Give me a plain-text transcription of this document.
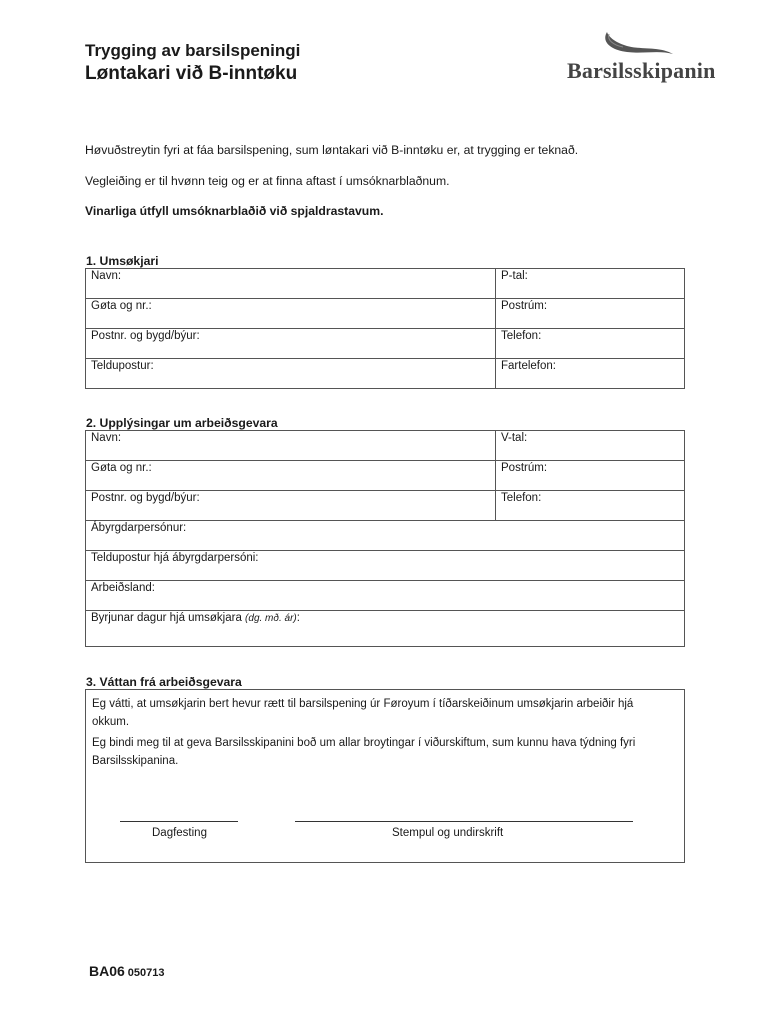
Trygging av barsilspeningi
Løntakari við B-inntøku	Barsilsskipanin
Høvuðstreytin fyri at fáa barsilspening, sum løntakari við B-inntøku er, at trygging er teknað.
Vegleiðing er til hvønn teig og er at finna aftast í umsóknarblaðnum.
Vinarliga útfyll umsóknarblaðið við spjaldrastavum.
1. Umsøkjari
Navn:	P-tal:
Gøta og nr.:	Postrúm:
Postnr. og bygd/býur:	Telefon:
Teldupostur:	Fartelefon:
2. Upplýsingar um arbeiðsgevara
Navn:	V-tal:
Gøta og nr.:	Postrúm:
Postnr. og bygd/býur:	Telefon:
Ábyrgdarpersónur:	
Teldupostur hjá ábyrgdarpersóni:	
Arbeiðsland:	
Byrjunar dagur hjá umsøkjara (dg. mð. ár):	
3. Váttan frá arbeiðsgevara

Eg vátti, at umsøkjarin bert hevur rætt til barsilspening úr Føroyum í tíðarskeiðinum umsøkjarin arbeiðir hjá okkum.

Eg bindi meg til at geva Barsilsskipanini boð um allar broytingar í viðurskiftum, sum kunnu hava týdning fyri Barsilsskipanina.

Dagfesting	Stempul og undirskrift
BA06 050713
